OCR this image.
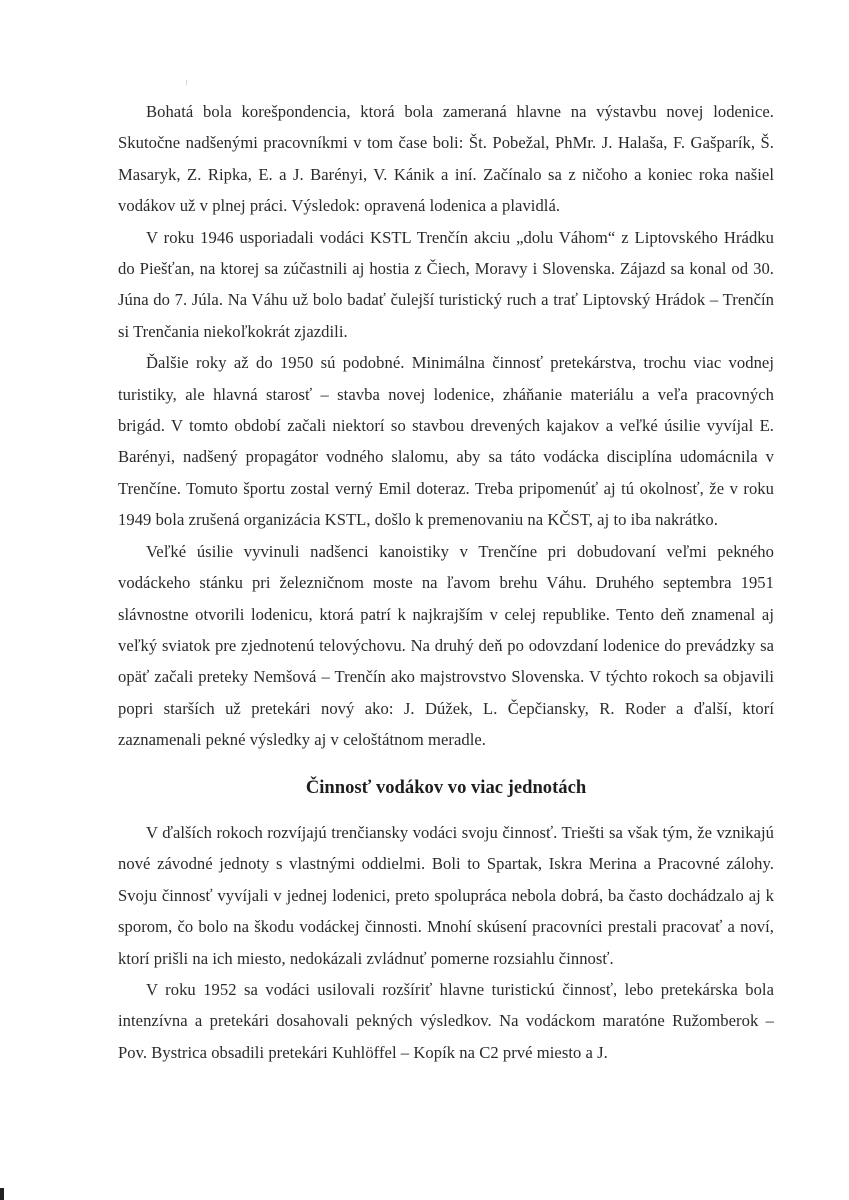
Bohatá bola korešpondencia, ktorá bola zameraná hlavne na výstavbu novej lodenice. Skutočne nadšenými pracovníkmi v tom čase boli: Št. Pobežal, PhMr. J. Halaša, F. Gašparík, Š. Masaryk, Z. Ripka, E. a J. Barényi, V. Kánik a iní. Začínalo sa z ničoho a koniec roka našiel vodákov už v plnej práci. Výsledok: opravená lodenica a plavidlá.

V roku 1946 usporiadali vodáci KSTL Trenčín akciu „dolu Váhom“ z Liptovského Hrádku do Piešťan, na ktorej sa zúčastnili aj hostia z Čiech, Moravy i Slovenska. Zájazd sa konal od 30. Júna do 7. Júla. Na Váhu už bolo badať čulejší turistický ruch a trať Liptovský Hrádok – Trenčín si Trenčania niekoľkokrát zjazdili.

Ďalšie roky až do 1950 sú podobné. Minimálna činnosť pretekárstva, trochu viac vodnej turistiky, ale hlavná starosť – stavba novej lodenice, zháňanie materiálu a veľa pracovných brigád. V tomto období začali niektorí so stavbou drevených kajakov a veľké úsilie vyvíjal E. Barényi, nadšený propagátor vodného slalomu, aby sa táto vodácka disciplína udomácnila v Trenčíne. Tomuto športu zostal verný Emil doteraz. Treba pripomenúť aj tú okolnosť, že v roku 1949 bola zrušená organizácia KSTL, došlo k premenovaniu na KČST, aj to iba nakrátko.

Veľké úsilie vyvinuli nadšenci kanoistiky v Trenčíne pri dobudovaní veľmi pekného vodáckeho stánku pri železničnom moste na ľavom brehu Váhu. Druhého septembra 1951 slávnostne otvorili lodenicu, ktorá patrí k najkrajším v celej republike. Tento deň znamenal aj veľký sviatok pre zjednotenú telovýchovu. Na druhý deň po odovzdaní lodenice do prevádzky sa opäť začali preteky Nemšová – Trenčín ako majstrovstvo Slovenska. V týchto rokoch sa objavili popri starších už pretekári nový ako: J. Dúžek, L. Čepčiansky, R. Roder a ďalší, ktorí zaznamenali pekné výsledky aj v celoštátnom meradle.

Činnosť vodákov vo viac jednotách

V ďalších rokoch rozvíjajú trenčiansky vodáci svoju činnosť. Triešti sa však tým, že vznikajú nové závodné jednoty s vlastnými oddielmi. Boli to Spartak, Iskra Merina a Pracovné zálohy. Svoju činnosť vyvíjali v jednej lodenici, preto spolupráca nebola dobrá, ba často dochádzalo aj k sporom, čo bolo na škodu vodáckej činnosti. Mnohí skúsení pracovníci prestali pracovať a noví, ktorí prišli na ich miesto, nedokázali zvládnuť pomerne rozsiahlu činnosť.

V roku 1952 sa vodáci usilovali rozšíriť hlavne turistickú činnosť, lebo pretekárska bola intenzívna a pretekári dosahovali pekných výsledkov. Na vodáckom maratóne Ružomberok – Pov. Bystrica obsadili pretekári Kuhlöffel – Kopík na C2 prvé miesto a J.
